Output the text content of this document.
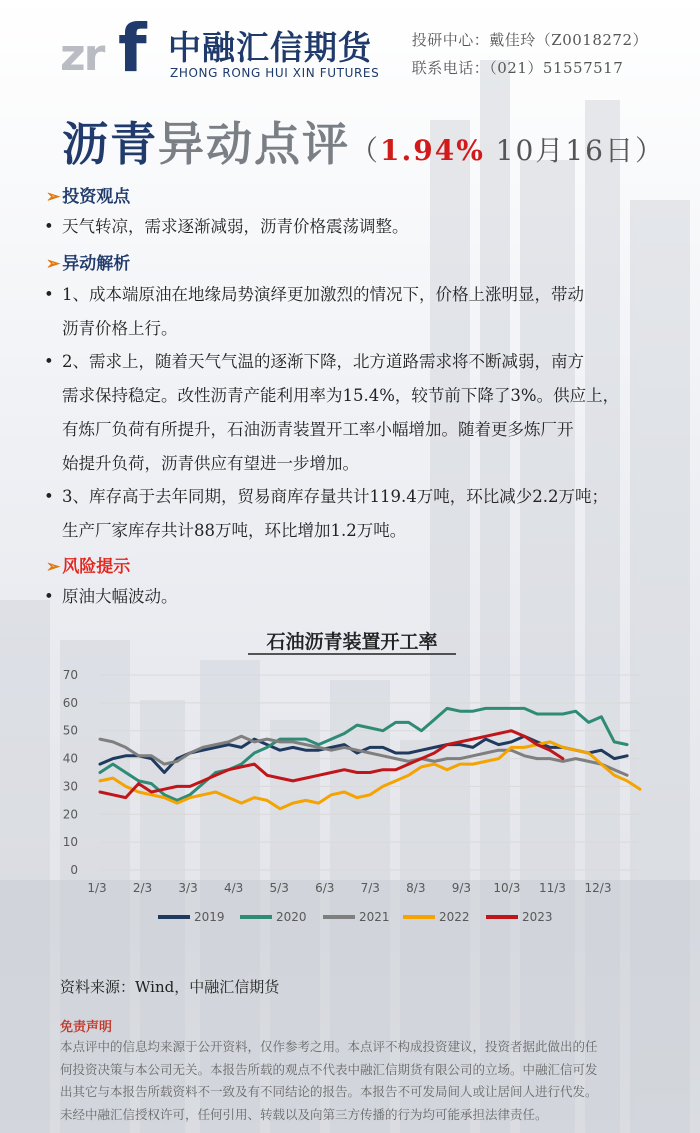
zr f 中融汇信期货
ZHONG RONG HUI XIN FUTURES
投研中心：戴佳玲（Z0018272）
联系电话：（021）51557517
沥青异动点评（1.94% 10月16日）
➢ 投资观点
• 天气转凉，需求逐渐减弱，沥青价格震荡调整。
➢ 异动解析
• 1、成本端原油在地缘局势演绎更加激烈的情况下，价格上涨明显，带动
沥青价格上行。
• 2、需求上，随着天气气温的逐渐下降，北方道路需求将不断减弱，南方
需求保持稳定。改性沥青产能利用率为15.4%，较节前下降了3%。供应上，
有炼厂负荷有所提升，石油沥青装置开工率小幅增加。随着更多炼厂开
始提升负荷，沥青供应有望进一步增加。
• 3、库存高于去年同期，贸易商库存量共计119.4万吨，环比减少2.2万吨；
生产厂家库存共计88万吨，环比增加1.2万吨。
➢ 风险提示
• 原油大幅波动。
石油沥青装置开工率
0
10
20
30
40
50
60
70
1/3 2/3 3/3 4/3 5/3 6/3 7/3 8/3 9/3 10/3 11/3 12/3
2019	2020	2021	2022	2023
资料来源：Wind，中融汇信期货
免责声明
本点评中的信息均来源于公开资料，仅作参考之用。本点评不构成投资建议，投资者据此做出的任
何投资决策与本公司无关。本报告所载的观点不代表中融汇信期货有限公司的立场。中融汇信可发
出其它与本报告所载资料不一致及有不同结论的报告。本报告不可发局间人或让居间人进行代发。
未经中融汇信授权许可，任何引用、转载以及向第三方传播的行为均可能承担法律责任。
